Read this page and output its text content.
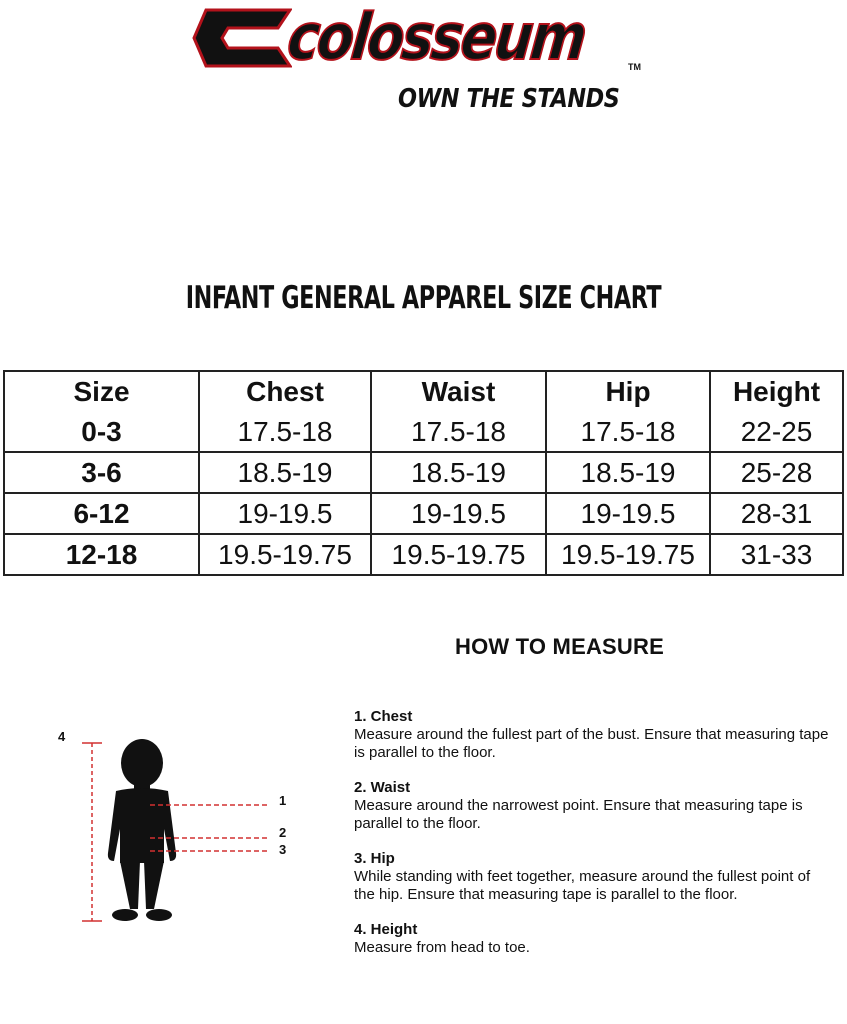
colosseum	TM
OWN THE STANDS
INFANT GENERAL APPAREL SIZE CHART
Size	Chest	Waist	Hip	Height
0-3	17.5-18	17.5-18	17.5-18	22-25
3-6	18.5-19	18.5-19	18.5-19	25-28
6-12	19-19.5	19-19.5	19-19.5	28-31
12-18	19.5-19.75	19.5-19.75	19.5-19.75	31-33
HOW TO MEASURE
4
1
2
3
1. Chest
Measure around the fullest part of the bust. Ensure that measuring tape is parallel to the floor.
2. Waist
Measure around the narrowest point. Ensure that measuring tape is parallel to the floor.
3. Hip
While standing with feet together, measure around the fullest point of the hip. Ensure that measuring tape is parallel to the floor.
4. Height
Measure from head to toe.
